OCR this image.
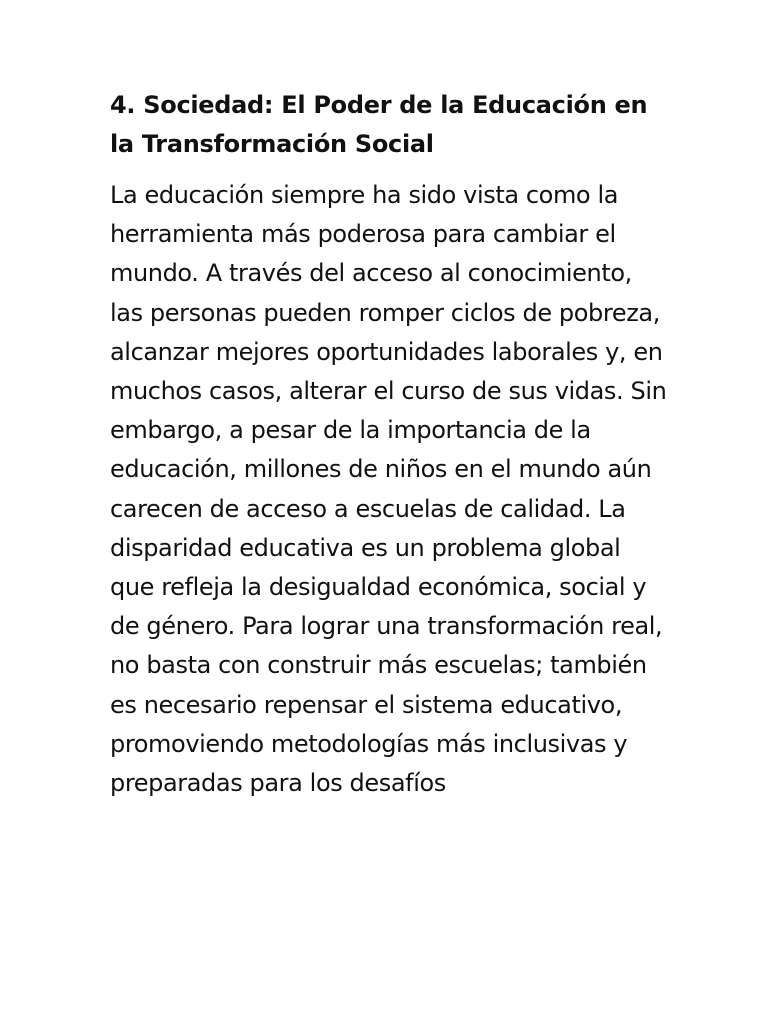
4. Sociedad: El Poder de la Educación en la Transformación Social

La educación siempre ha sido vista como la herramienta más poderosa para cambiar el mundo. A través del acceso al conocimiento, las personas pueden romper ciclos de pobreza, alcanzar mejores oportunidades laborales y, en muchos casos, alterar el curso de sus vidas. Sin embargo, a pesar de la importancia de la educación, millones de niños en el mundo aún carecen de acceso a escuelas de calidad. La disparidad educativa es un problema global que refleja la desigualdad económica, social y de género. Para lograr una transformación real, no basta con construir más escuelas; también es necesario repensar el sistema educativo, promoviendo metodologías más inclusivas y preparadas para los desafíos
